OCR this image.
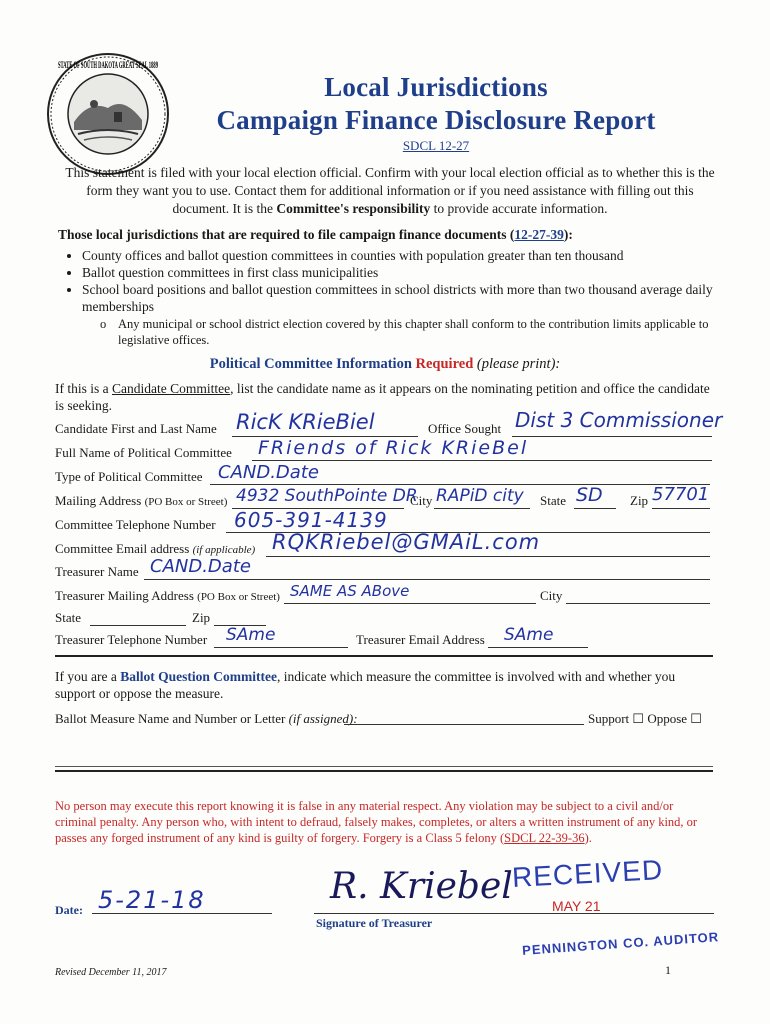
STATE OF SOUTH DAKOTA GREAT SEAL 1889
Local Jurisdictions
Campaign Finance Disclosure Report
SDCL 12-27
This statement is filed with your local election official. Confirm with your local election official as to whether this is the form they want you to use. Contact them for additional information or if you need assistance with filling out this document. It is the Committee's responsibility to provide accurate information.
Those local jurisdictions that are required to file campaign finance documents (12-27-39):
• County offices and ballot question committees in counties with population greater than ten thousand
• Ballot question committees in first class municipalities
• School board positions and ballot question committees in school districts with more than two thousand average daily memberships
o Any municipal or school district election covered by this chapter shall conform to the contribution limits applicable to legislative offices.
Political Committee Information Required (please print):
If this is a Candidate Committee, list the candidate name as it appears on the nominating petition and office the candidate is seeking.
Candidate First and Last Name RicK KRieBiel	Office Sought Dist 3 Commissioner
Full Name of Political Committee FRiends of Rick KRieBel
Type of Political Committee CAND.Date
Mailing Address (PO Box or Street) 4932 SouthPointe DR
City RAPiD city State SD Zip 57701
Committee Telephone Number 605-391-4139
Committee Email address (if applicable) RQKRiebel@GMAiL.com
Treasurer Name CAND.Date
Treasurer Mailing Address (PO Box or Street) SAME AS ABove	City
State	Zip
Treasurer Telephone Number SAme	Treasurer Email Address SAme
If you are a Ballot Question Committee, indicate which measure the committee is involved with and whether you support or oppose the measure.
Ballot Measure Name and Number or Letter (if assigned):	Support ☐ Oppose ☐
No person may execute this report knowing it is false in any material respect. Any violation may be subject to a civil and/or criminal penalty. Any person who, with intent to defraud, falsely makes, completes, or alters a written instrument of any kind, or passes any forged instrument of any kind is guilty of forgery. Forgery is a Class 5 felony (SDCL 22-39-36).
Date: 5-21-18	R. Kriebel
Signature of Treasurer
RECEIVED
MAY 21
PENNINGTON CO. AUDITOR
Revised December 11, 2017	1
